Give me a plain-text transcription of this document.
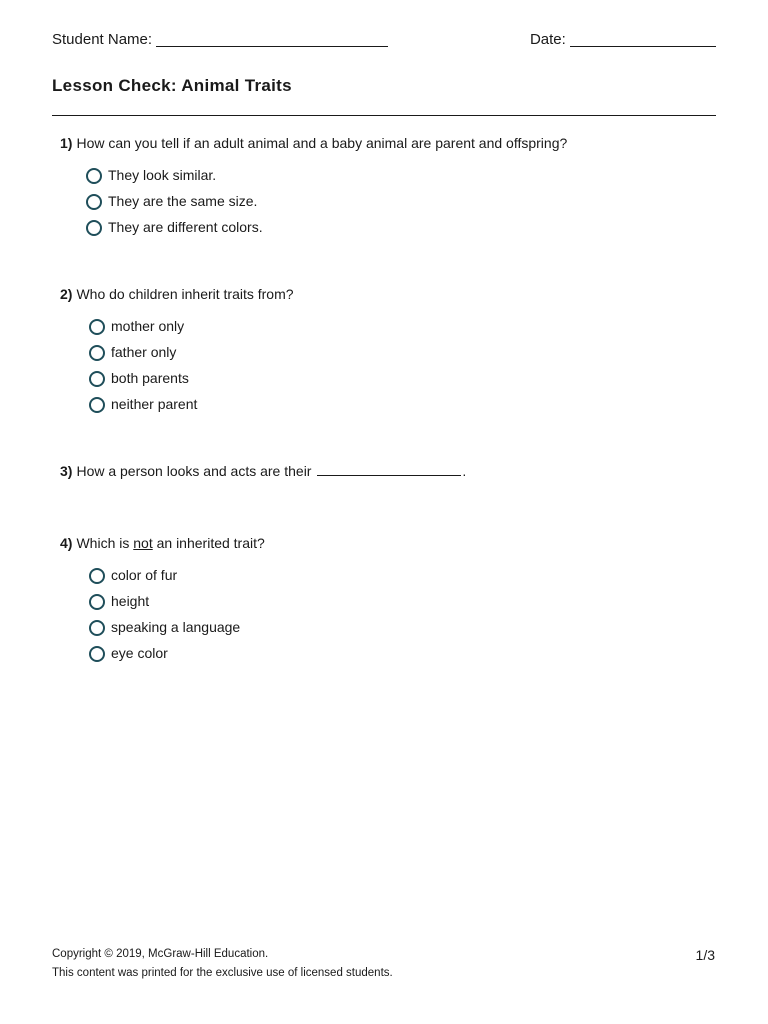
Student Name:	Date:
Lesson Check: Animal Traits
1) How can you tell if an adult animal and a baby animal are parent and offspring?
They look similar.
They are the same size.
They are different colors.
2) Who do children inherit traits from?
mother only
father only
both parents
neither parent
3) How a person looks and acts are their	.
4) Which is not an inherited trait?
color of fur
height
speaking a language
eye color
Copyright © 2019, McGraw-Hill Education.
This content was printed for the exclusive use of licensed students.
1/3
